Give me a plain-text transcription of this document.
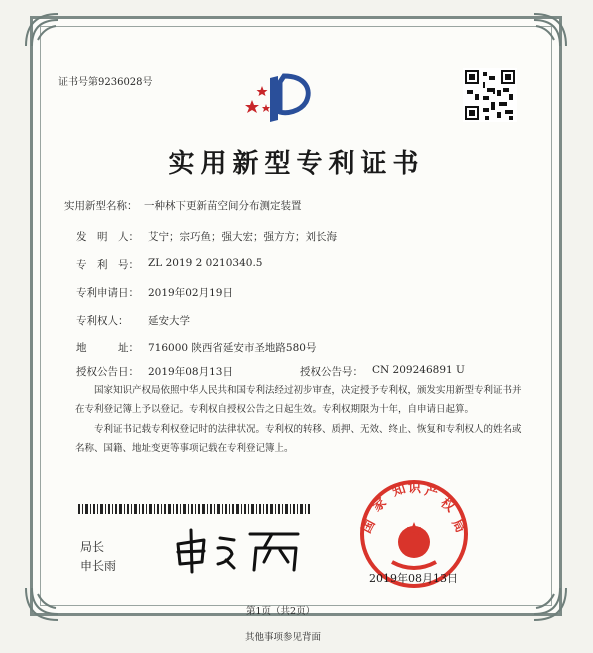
证书号第9236028号
实用新型专利证书
实用新型名称： 一种林下更新苗空间分布测定装置
发　明　人： 艾宁；宗巧鱼；强大宏；强方方；刘长海
专　利　号： ZL 2019 2 0210340.5
专利申请日： 2019年02月19日
专利权人： 延安大学
地　　　址： 716000 陕西省延安市圣地路580号
授权公告日： 2019年08月13日	授权公告号： CN 209246891 U
国家知识产权局依照中华人民共和国专利法经过初步审查，决定授予专利权，颁发实用新型专利证书并在专利登记簿上予以登记。专利权自授权公告之日起生效。专利权期限为十年，自申请日起算。
专利证书记载专利权登记时的法律状况。专利权的转移、质押、无效、终止、恢复和专利权人的姓名或名称、国籍、地址变更等事项记载在专利登记簿上。
局长
申长雨
国
家
知 识 产
权
局
2019年08月13日
第1页（共2页）
其他事项参见背面
